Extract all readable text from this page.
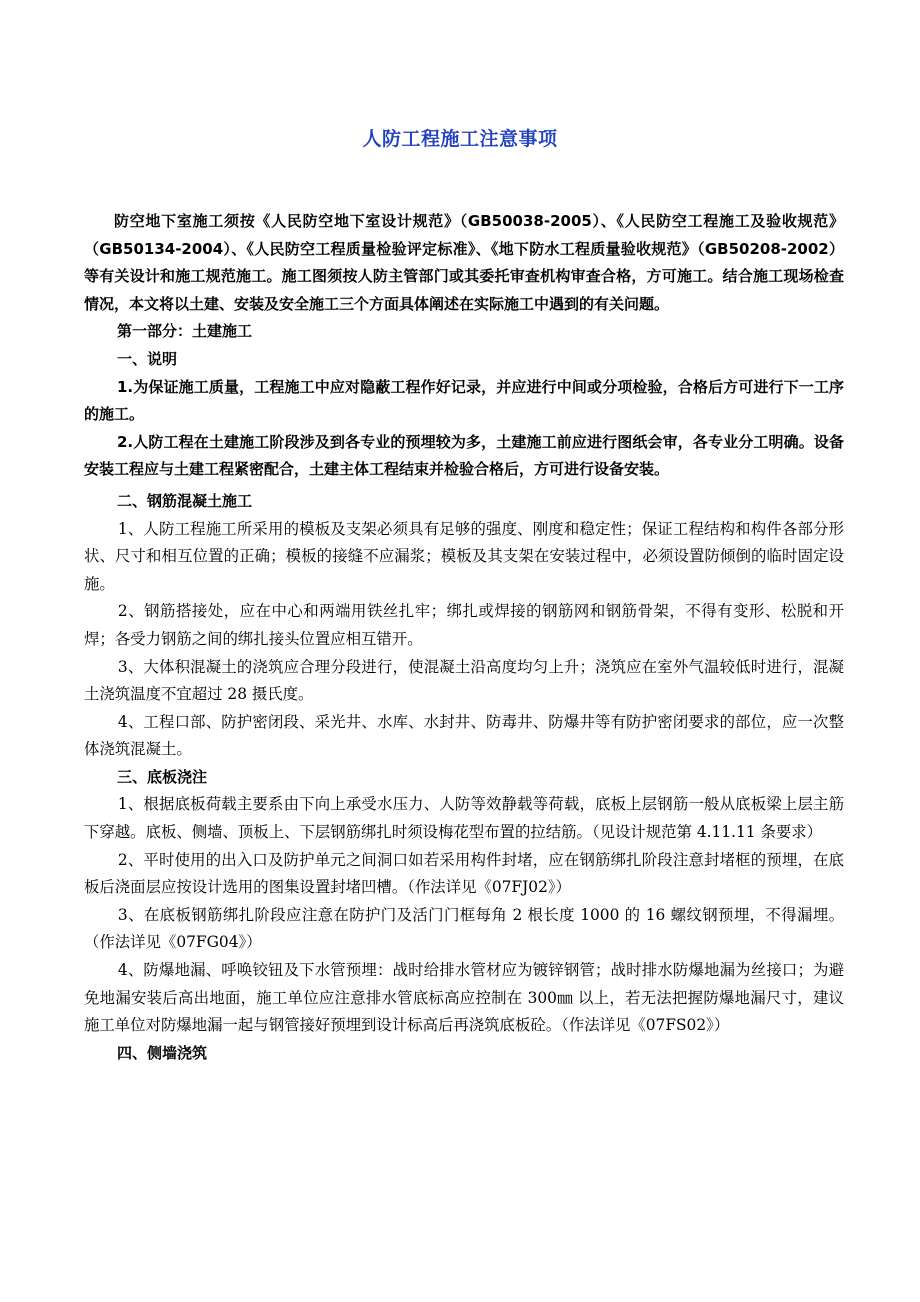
人防工程施工注意事项

防空地下室施工须按《人民防空地下室设计规范》（GB50038-2005）、《人民防空工程施工及验收规范》（GB50134-2004）、《人民防空工程质量检验评定标准》、《地下防水工程质量验收规范》（GB50208-2002）等有关设计和施工规范施工。施工图须按人防主管部门或其委托审查机构审查合格，方可施工。结合施工现场检查情况，本文将以土建、安装及安全施工三个方面具体阐述在实际施工中遇到的有关问题。

第一部分：土建施工

一、说明

1.为保证施工质量，工程施工中应对隐蔽工程作好记录，并应进行中间或分项检验，合格后方可进行下一工序的施工。

2.人防工程在土建施工阶段涉及到各专业的预埋较为多，土建施工前应进行图纸会审，各专业分工明确。设备安装工程应与土建工程紧密配合，土建主体工程结束并检验合格后，方可进行设备安装。

二、钢筋混凝土施工

1、人防工程施工所采用的模板及支架必须具有足够的强度、刚度和稳定性；保证工程结构和构件各部分形状、尺寸和相互位置的正确；模板的接缝不应漏浆；模板及其支架在安装过程中，必须设置防倾倒的临时固定设施。

2、钢筋搭接处，应在中心和两端用铁丝扎牢；绑扎或焊接的钢筋网和钢筋骨架，不得有变形、松脱和开焊；各受力钢筋之间的绑扎接头位置应相互错开。

3、大体积混凝土的浇筑应合理分段进行，使混凝土沿高度均匀上升；浇筑应在室外气温较低时进行，混凝土浇筑温度不宜超过 28 摄氏度。

4、工程口部、防护密闭段、采光井、水库、水封井、防毒井、防爆井等有防护密闭要求的部位，应一次整体浇筑混凝土。

三、底板浇注

1、根据底板荷载主要系由下向上承受水压力、人防等效静载等荷载，底板上层钢筋一般从底板梁上层主筋下穿越。底板、侧墙、顶板上、下层钢筋绑扎时须设梅花型布置的拉结筋。（见设计规范第 4.11.11 条要求）

2、平时使用的出入口及防护单元之间洞口如若采用构件封堵，应在钢筋绑扎阶段注意封堵框的预埋，在底板后浇面层应按设计选用的图集设置封堵凹槽。（作法详见《07FJ02》）

3、在底板钢筋绑扎阶段应注意在防护门及活门门框每角 2 根长度 1000 的 16 螺纹钢预埋，不得漏埋。（作法详见《07FG04》）

4、防爆地漏、呼唤铰钮及下水管预埋：战时给排水管材应为镀锌钢管；战时排水防爆地漏为丝接口；为避免地漏安装后高出地面，施工单位应注意排水管底标高应控制在 300㎜ 以上，若无法把握防爆地漏尺寸，建议施工单位对防爆地漏一起与钢管接好预埋到设计标高后再浇筑底板砼。（作法详见《07FS02》）

四、侧墙浇筑
